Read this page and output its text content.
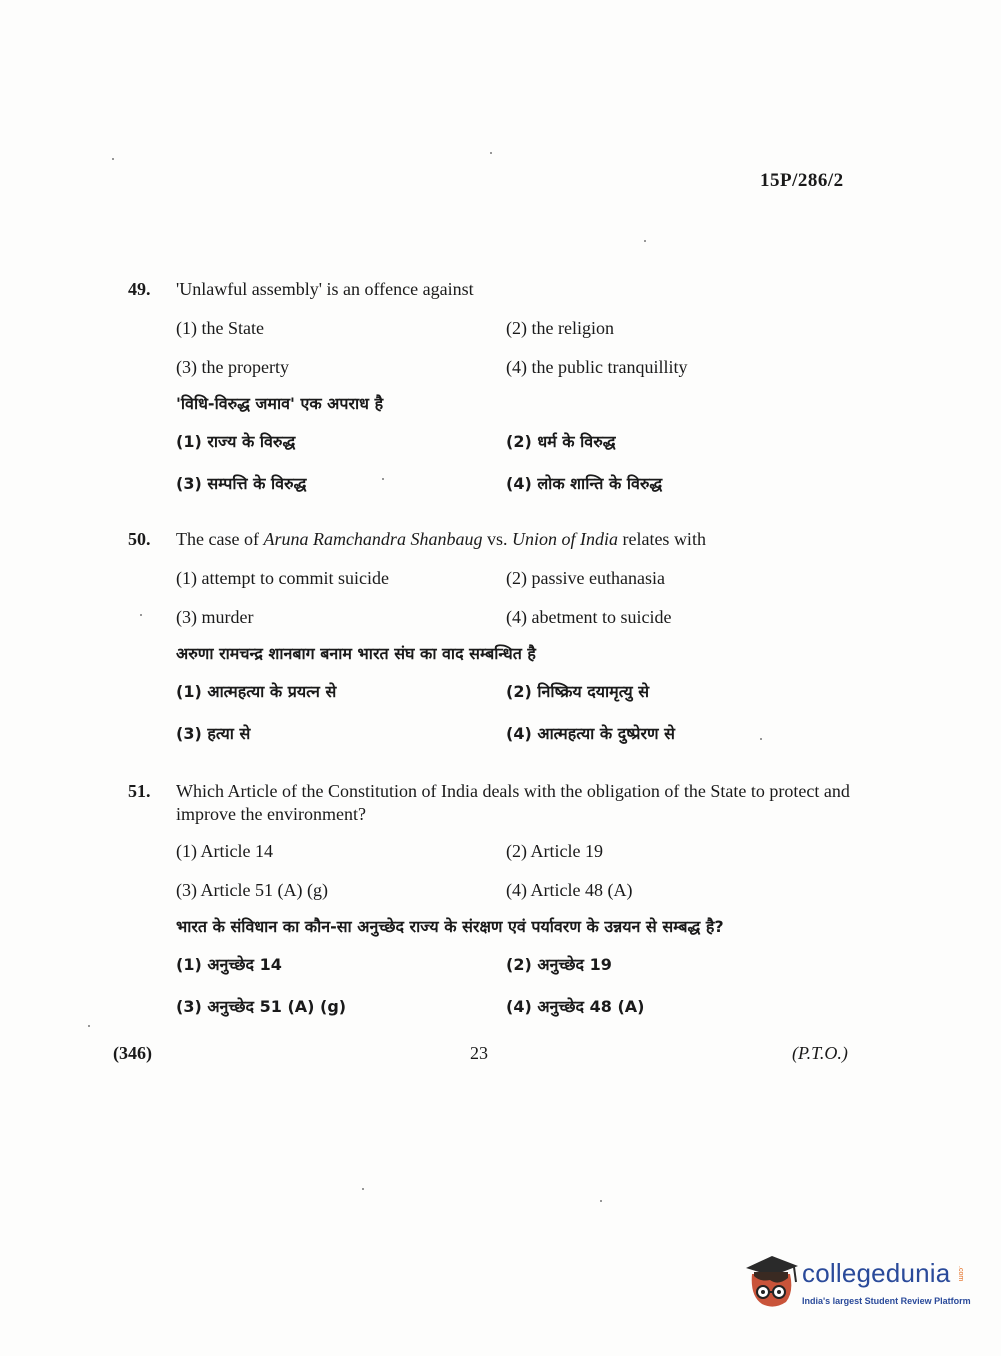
15P/286/2
49.	'Unlawful assembly' is an offence against
(1) the State	(2) the religion
(3) the property	(4) the public tranquillity
'विधि-विरुद्ध जमाव' एक अपराध है
(1) राज्य के विरुद्ध	(2) धर्म के विरुद्ध
(3) सम्पत्ति के विरुद्ध	(4) लोक शान्ति के विरुद्ध
50.	The case of Aruna Ramchandra Shanbaug vs. Union of India relates with
(1) attempt to commit suicide	(2) passive euthanasia
(3) murder	(4) abetment to suicide
अरुणा रामचन्द्र शानबाग बनाम भारत संघ का वाद सम्बन्धित है
(1) आत्महत्या के प्रयत्न से	(2) निष्क्रिय दयामृत्यु से
(3) हत्या से	(4) आत्महत्या के दुष्प्रेरण से
51.	Which Article of the Constitution of India deals with the obligation of the State to protect and improve the environment?
(1) Article 14	(2) Article 19
(3) Article 51 (A) (g)	(4) Article 48 (A)
भारत के संविधान का कौन-सा अनुच्छेद राज्य के संरक्षण एवं पर्यावरण के उन्नयन से सम्बद्ध है?
(1) अनुच्छेद 14	(2) अनुच्छेद 19
(3) अनुच्छेद 51 (A) (g)	(4) अनुच्छेद 48 (A)
(346)	23	(P.T.O.)
collegedunia .com
India's largest Student Review Platform
